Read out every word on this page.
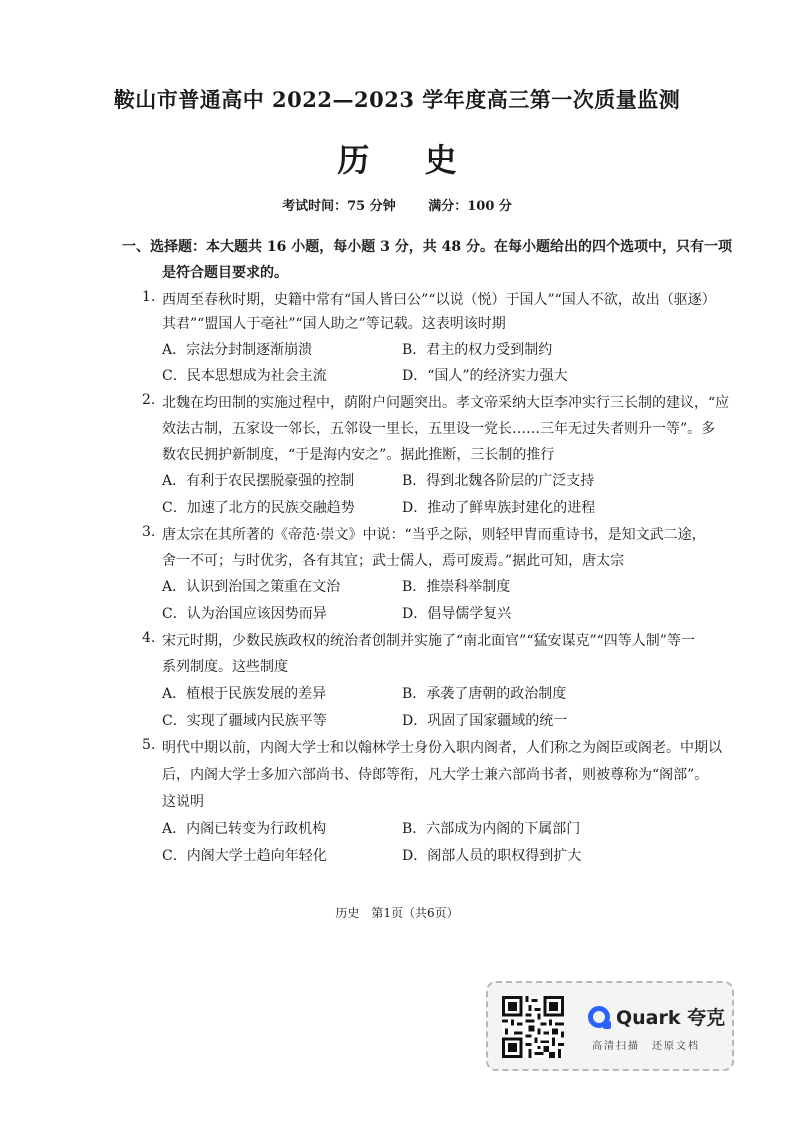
鞍山市普通高中 2022—2023 学年度高三第一次质量监测
历 史
考试时间：75 分钟	满分：100 分
一、选择题：本大题共 16 小题，每小题 3 分，共 48 分。在每小题给出的四个选项中，只有一项
是符合题目要求的。
1. 西周至春秋时期，史籍中常有“国人皆曰公”“以说（悦）于国人”“国人不欲，故出（驱逐）
其君”“盟国人于亳社”“国人助之”等记载。这表明该时期
A．宗法分封制逐渐崩溃	B．君主的权力受到制约
C．民本思想成为社会主流	D．“国人”的经济实力强大
2. 北魏在均田制的实施过程中，荫附户问题突出。孝文帝采纳大臣李冲实行三长制的建议，“应
效法古制，五家设一邻长，五邻设一里长，五里设一党长……三年无过失者则升一等”。多
数农民拥护新制度，“于是海内安之”。据此推断，三长制的推行
A．有利于农民摆脱豪强的控制	B．得到北魏各阶层的广泛支持
C．加速了北方的民族交融趋势	D．推动了鲜卑族封建化的进程
3. 唐太宗在其所著的《帝范·崇文》中说：“当乎之际，则轻甲胄而重诗书，是知文武二途，
舍一不可；与时优劣，各有其宜；武士儒人，焉可废焉。”据此可知，唐太宗
A．认识到治国之策重在文治	B．推崇科举制度
C．认为治国应该因势而异	D．倡导儒学复兴
4. 宋元时期，少数民族政权的统治者创制并实施了“南北面官”“猛安谋克”“四等人制”等一
系列制度。这些制度
A．植根于民族发展的差异	B．承袭了唐朝的政治制度
C．实现了疆域内民族平等	D．巩固了国家疆域的统一
5. 明代中期以前，内阁大学士和以翰林学士身份入职内阁者，人们称之为阁臣或阁老。中期以
后，内阁大学士多加六部尚书、侍郎等衔，凡大学士兼六部尚书者，则被尊称为“阁部”。
这说明
A．内阁已转变为行政机构	B．六部成为内阁的下属部门
C．内阁大学士趋向年轻化	D．阁部人员的职权得到扩大
历史　第1页（共6页）
Quark 夸克
高清扫描　还原文档
